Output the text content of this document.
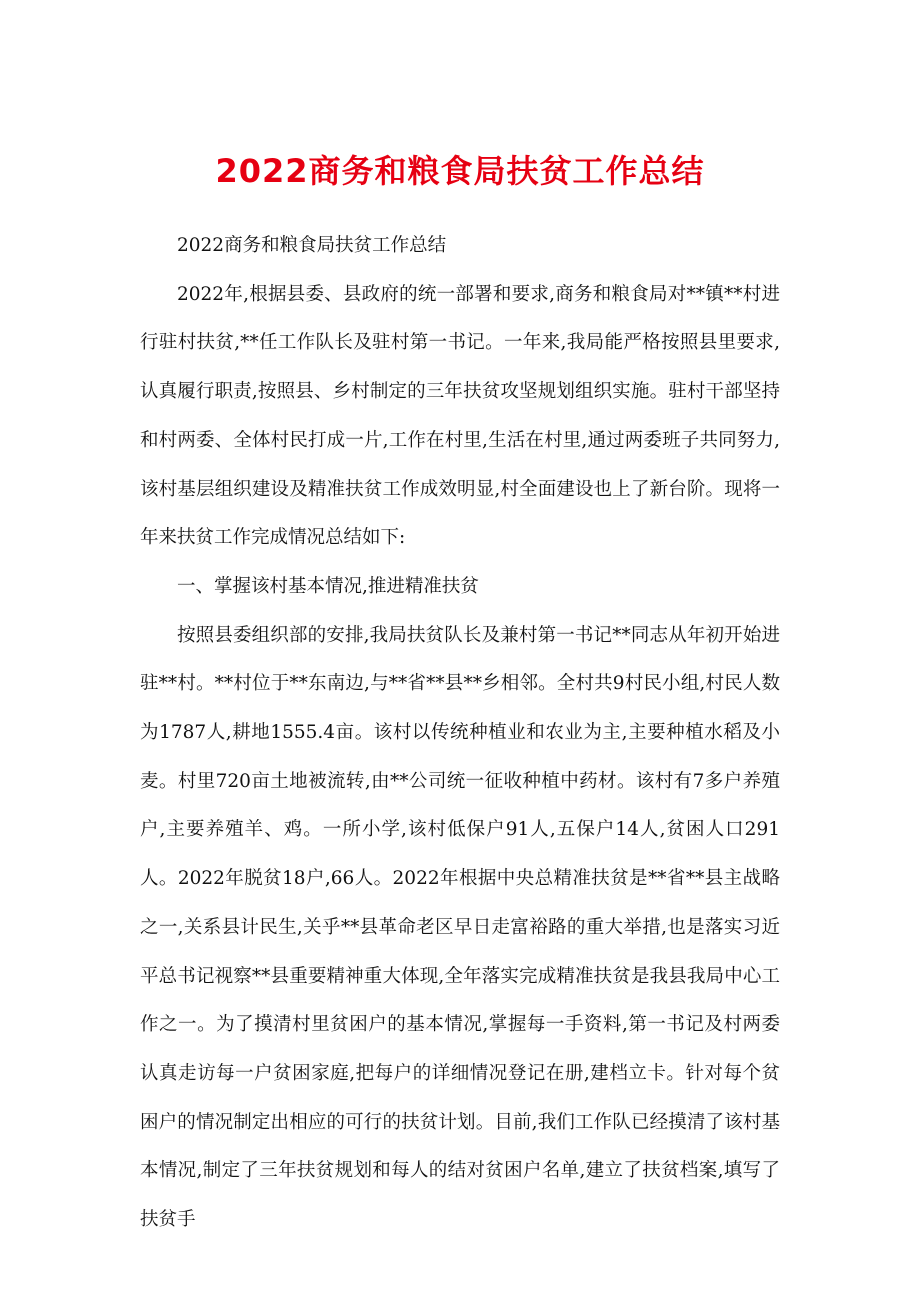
2022商务和粮食局扶贫工作总结

2022商务和粮食局扶贫工作总结

2022年,根据县委、县政府的统一部署和要求,商务和粮食局对**镇**村进行驻村扶贫,**任工作队长及驻村第一书记。一年来,我局能严格按照县里要求,认真履行职责,按照县、乡村制定的三年扶贫攻坚规划组织实施。驻村干部坚持和村两委、全体村民打成一片,工作在村里,生活在村里,通过两委班子共同努力,该村基层组织建设及精准扶贫工作成效明显,村全面建设也上了新台阶。现将一年来扶贫工作完成情况总结如下:

一、掌握该村基本情况,推进精准扶贫

按照县委组织部的安排,我局扶贫队长及兼村第一书记**同志从年初开始进驻**村。**村位于**东南边,与**省**县**乡相邻。全村共9村民小组,村民人数为1787人,耕地1555.4亩。该村以传统种植业和农业为主,主要种植水稻及小麦。村里720亩土地被流转,由**公司统一征收种植中药材。该村有7多户养殖户,主要养殖羊、鸡。一所小学,该村低保户91人,五保户14人,贫困人口291人。2022年脱贫18户,66人。2022年根据中央总精准扶贫是**省**县主战略之一,关系县计民生,关乎**县革命老区早日走富裕路的重大举措,也是落实习近平总书记视察**县重要精神重大体现,全年落实完成精准扶贫是我县我局中心工作之一。为了摸清村里贫困户的基本情况,掌握每一手资料,第一书记及村两委认真走访每一户贫困家庭,把每户的详细情况登记在册,建档立卡。针对每个贫困户的情况制定出相应的可行的扶贫计划。目前,我们工作队已经摸清了该村基本情况,制定了三年扶贫规划和每人的结对贫困户名单,建立了扶贫档案,填写了扶贫手
